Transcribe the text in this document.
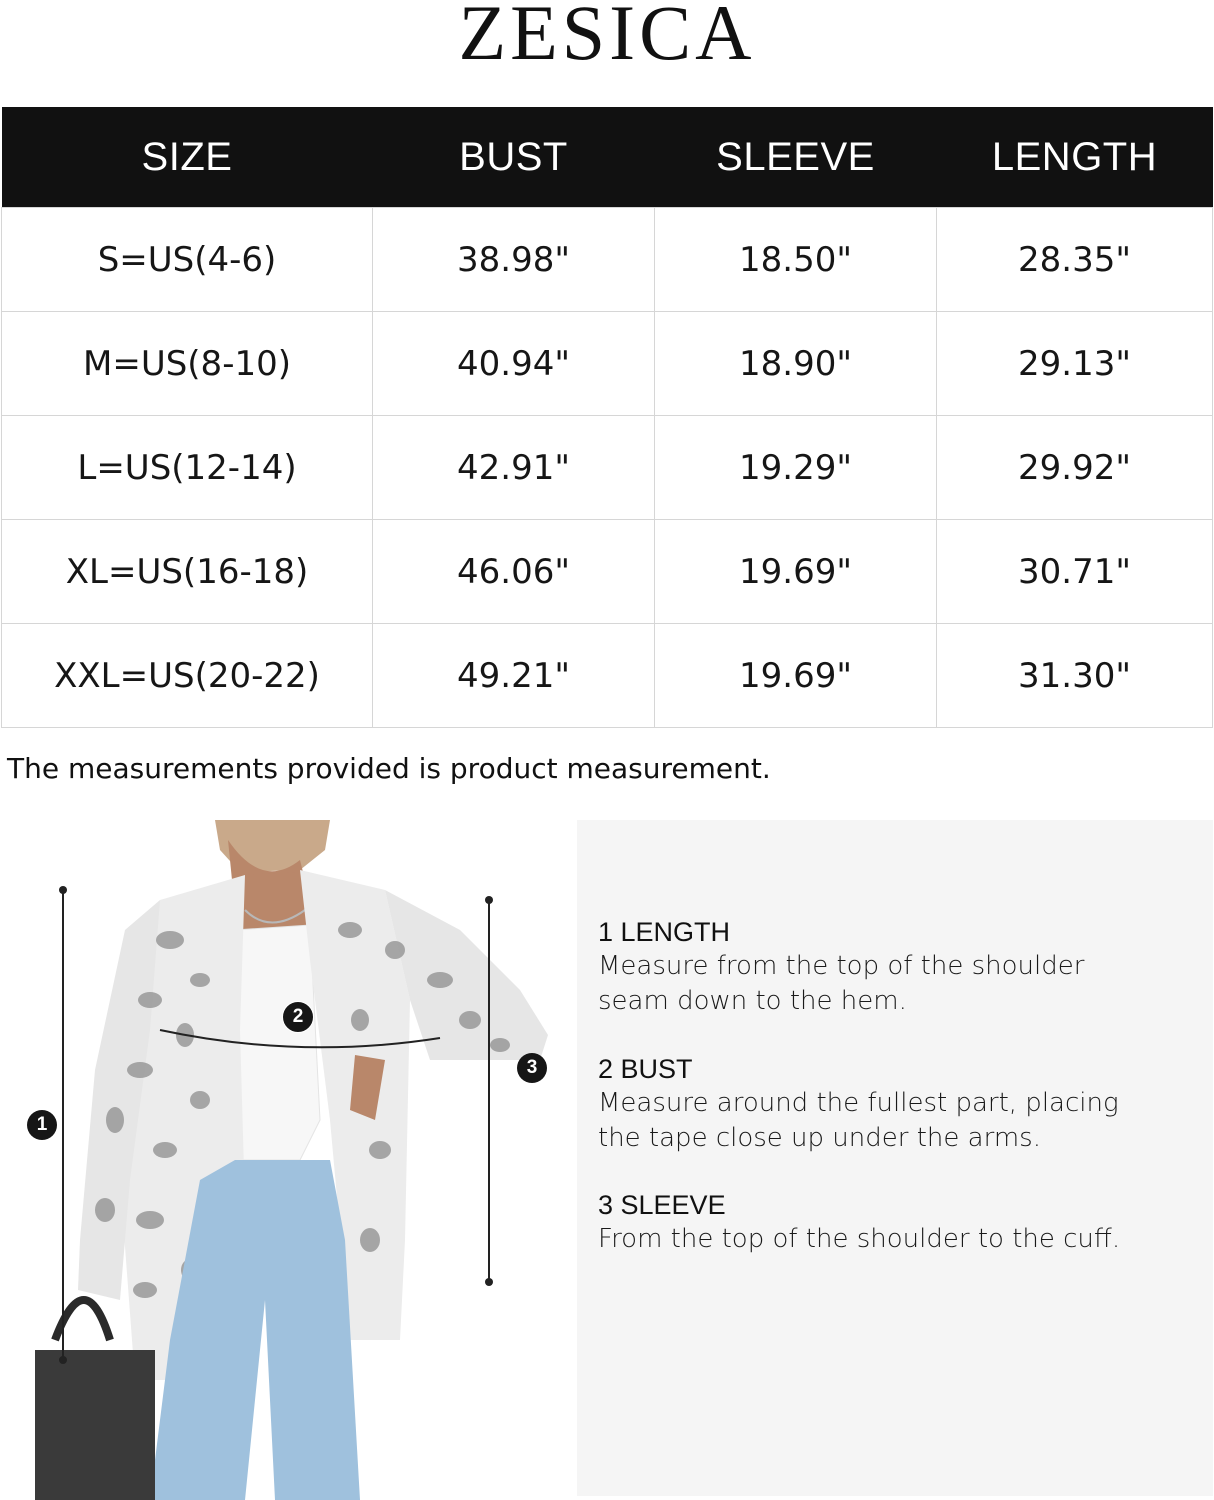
ZESICA
SIZE	BUST	SLEEVE	LENGTH
S=US(4-6)	38.98"	18.50"	28.35"
M=US(8-10)	40.94"	18.90"	29.13"
L=US(12-14)	42.91"	19.29"	29.92"
XL=US(16-18)	46.06"	19.69"	30.71"
XXL=US(20-22)	49.21"	19.69"	31.30"
The measurements provided is product measurement.
1
2
3
1 LENGTH
Measure from the top of the shoulder seam down to the hem.
2 BUST
Measure around the fullest part, placing the tape close up under the arms.
3 SLEEVE
From the top of the shoulder to the cuff.
